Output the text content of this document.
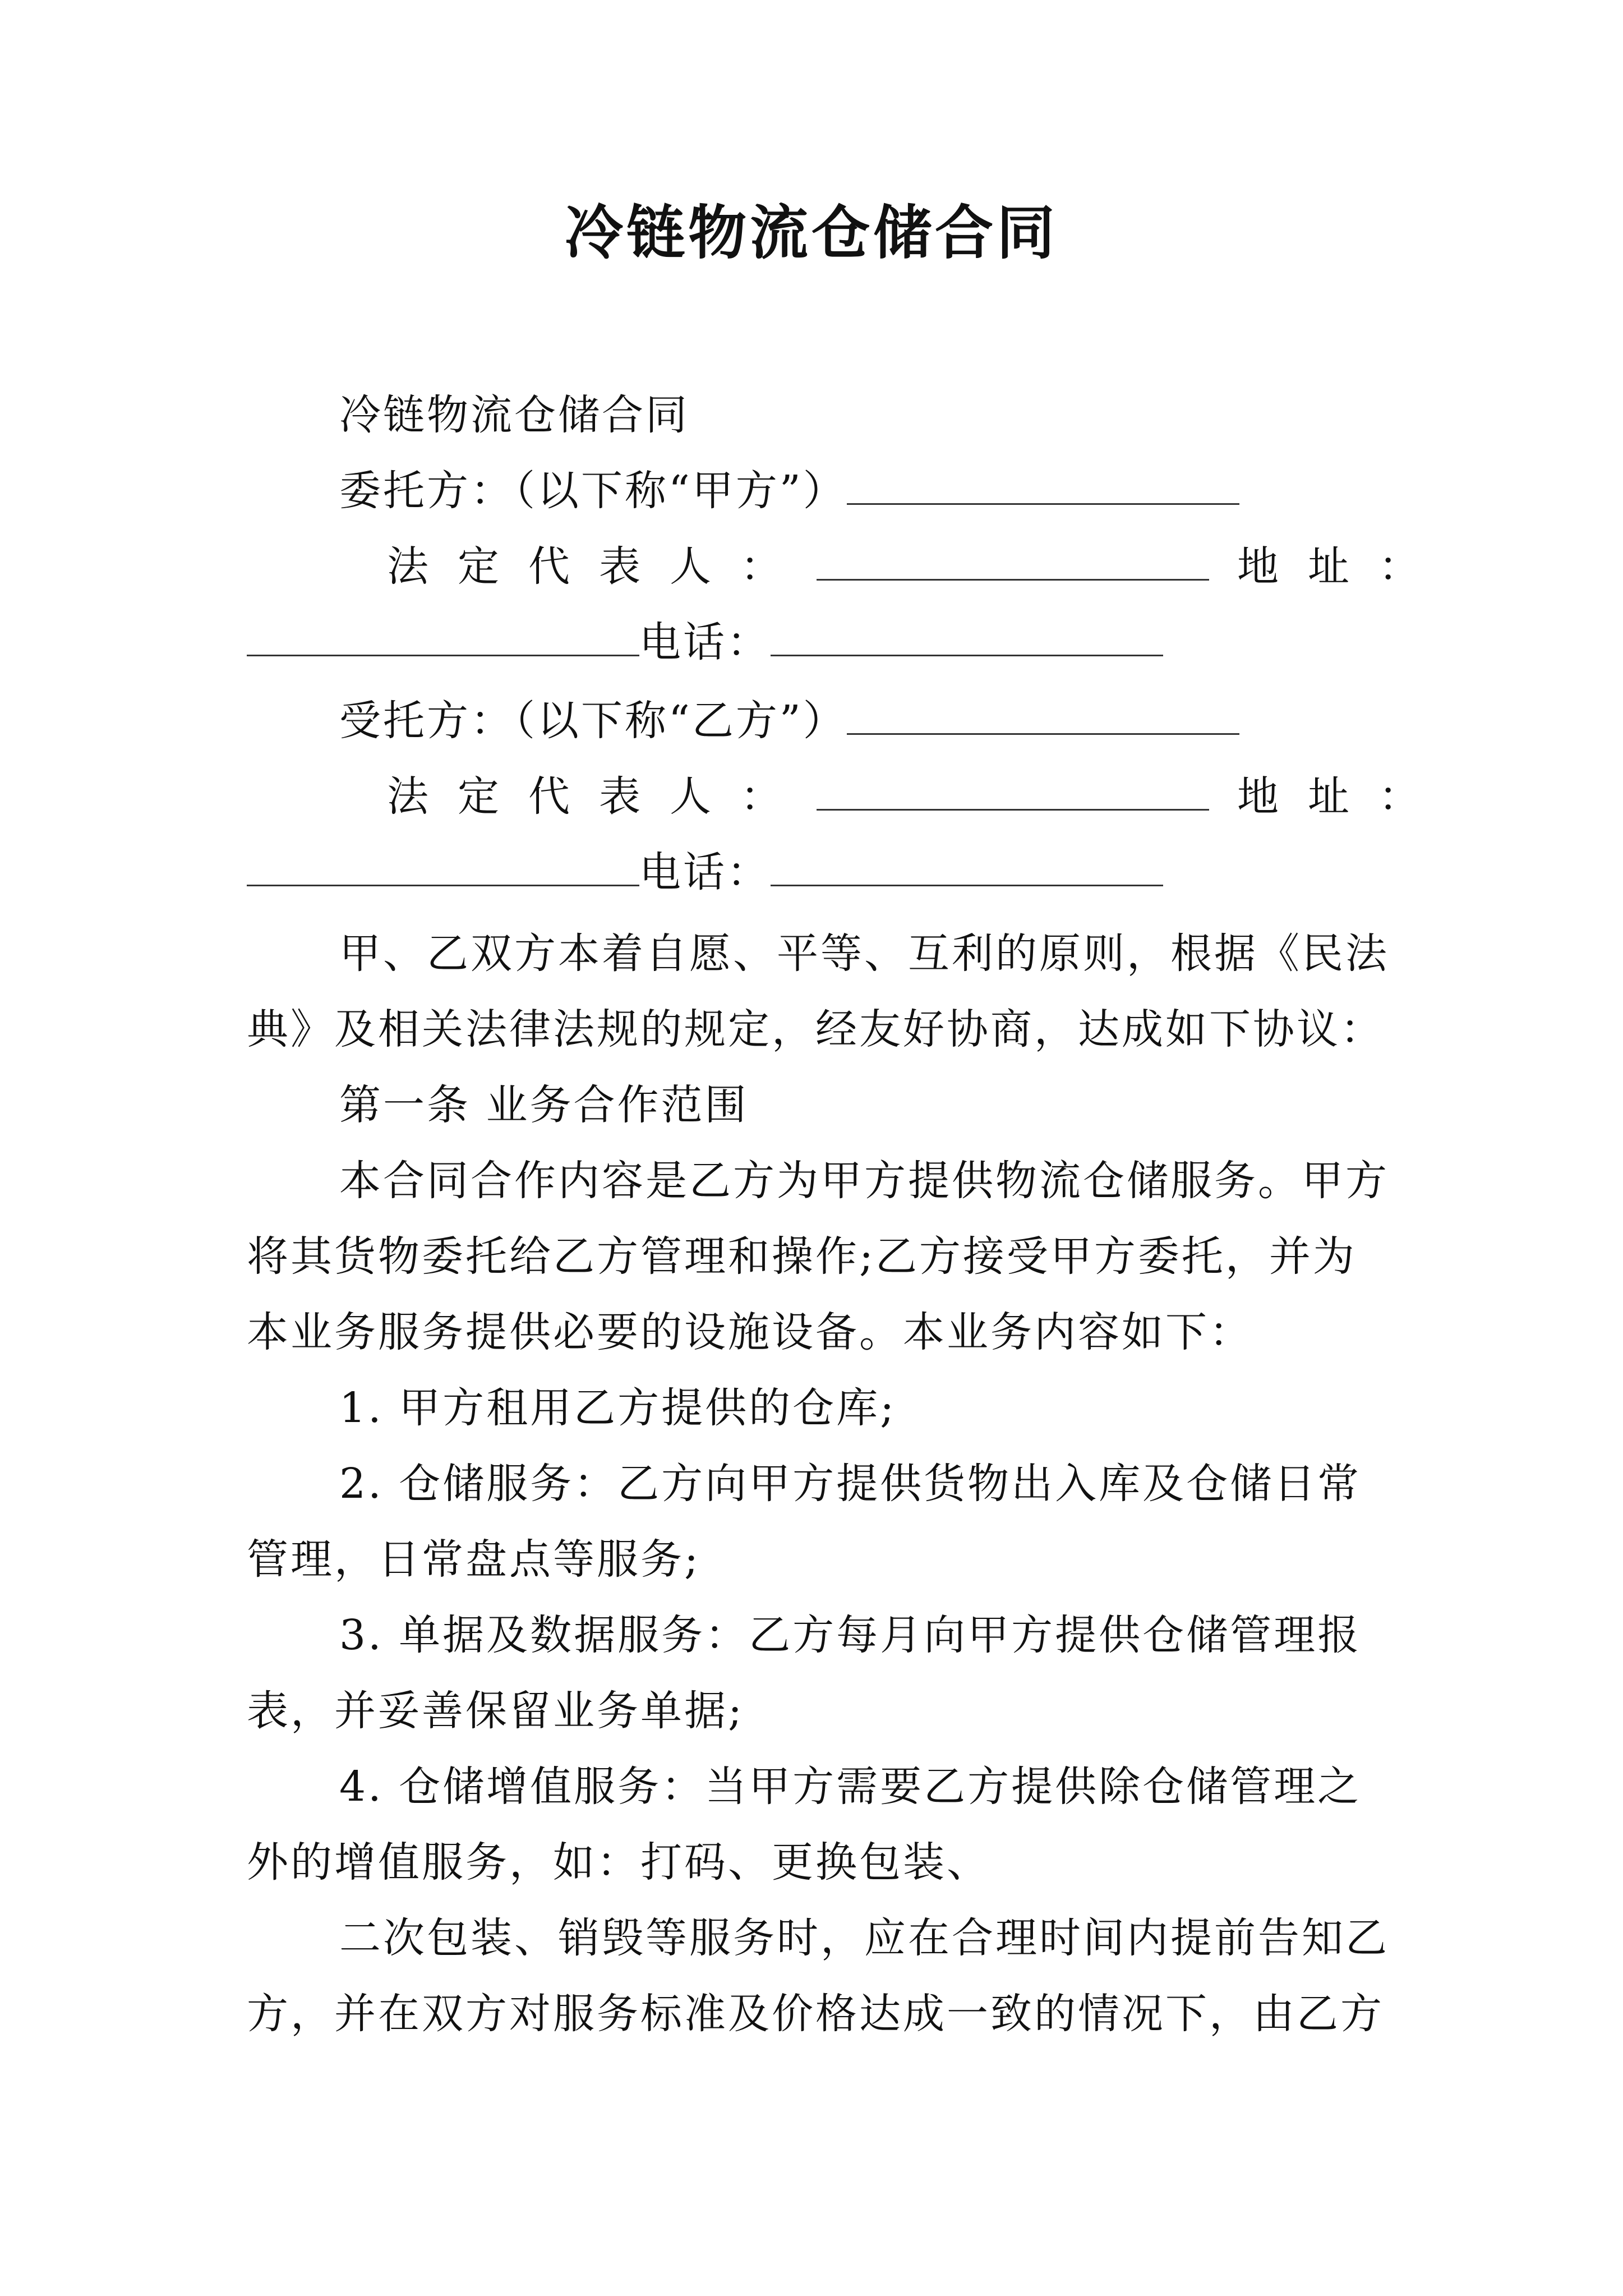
冷链物流仓储合同
冷链物流仓储合同
委托方：（以下称“甲方”）
法定代表人：	地址：
电话：
受托方：（以下称“乙方”）
法定代表人：	地址：
电话：
甲、乙双方本着自愿、平等、互利的原则，根据《民法
典》及相关法律法规的规定，经友好协商，达成如下协议：
第一条 业务合作范围
本合同合作内容是乙方为甲方提供物流仓储服务。甲方
将其货物委托给乙方管理和操作;乙方接受甲方委托，并为
本业务服务提供必要的设施设备。本业务内容如下：
1. 甲方租用乙方提供的仓库;
2. 仓储服务：乙方向甲方提供货物出入库及仓储日常
管理，日常盘点等服务;
3. 单据及数据服务：乙方每月向甲方提供仓储管理报
表，并妥善保留业务单据;
4. 仓储增值服务：当甲方需要乙方提供除仓储管理之
外的增值服务，如：打码、更换包装、
二次包装、销毁等服务时，应在合理时间内提前告知乙
方，并在双方对服务标准及价格达成一致的情况下，由乙方
